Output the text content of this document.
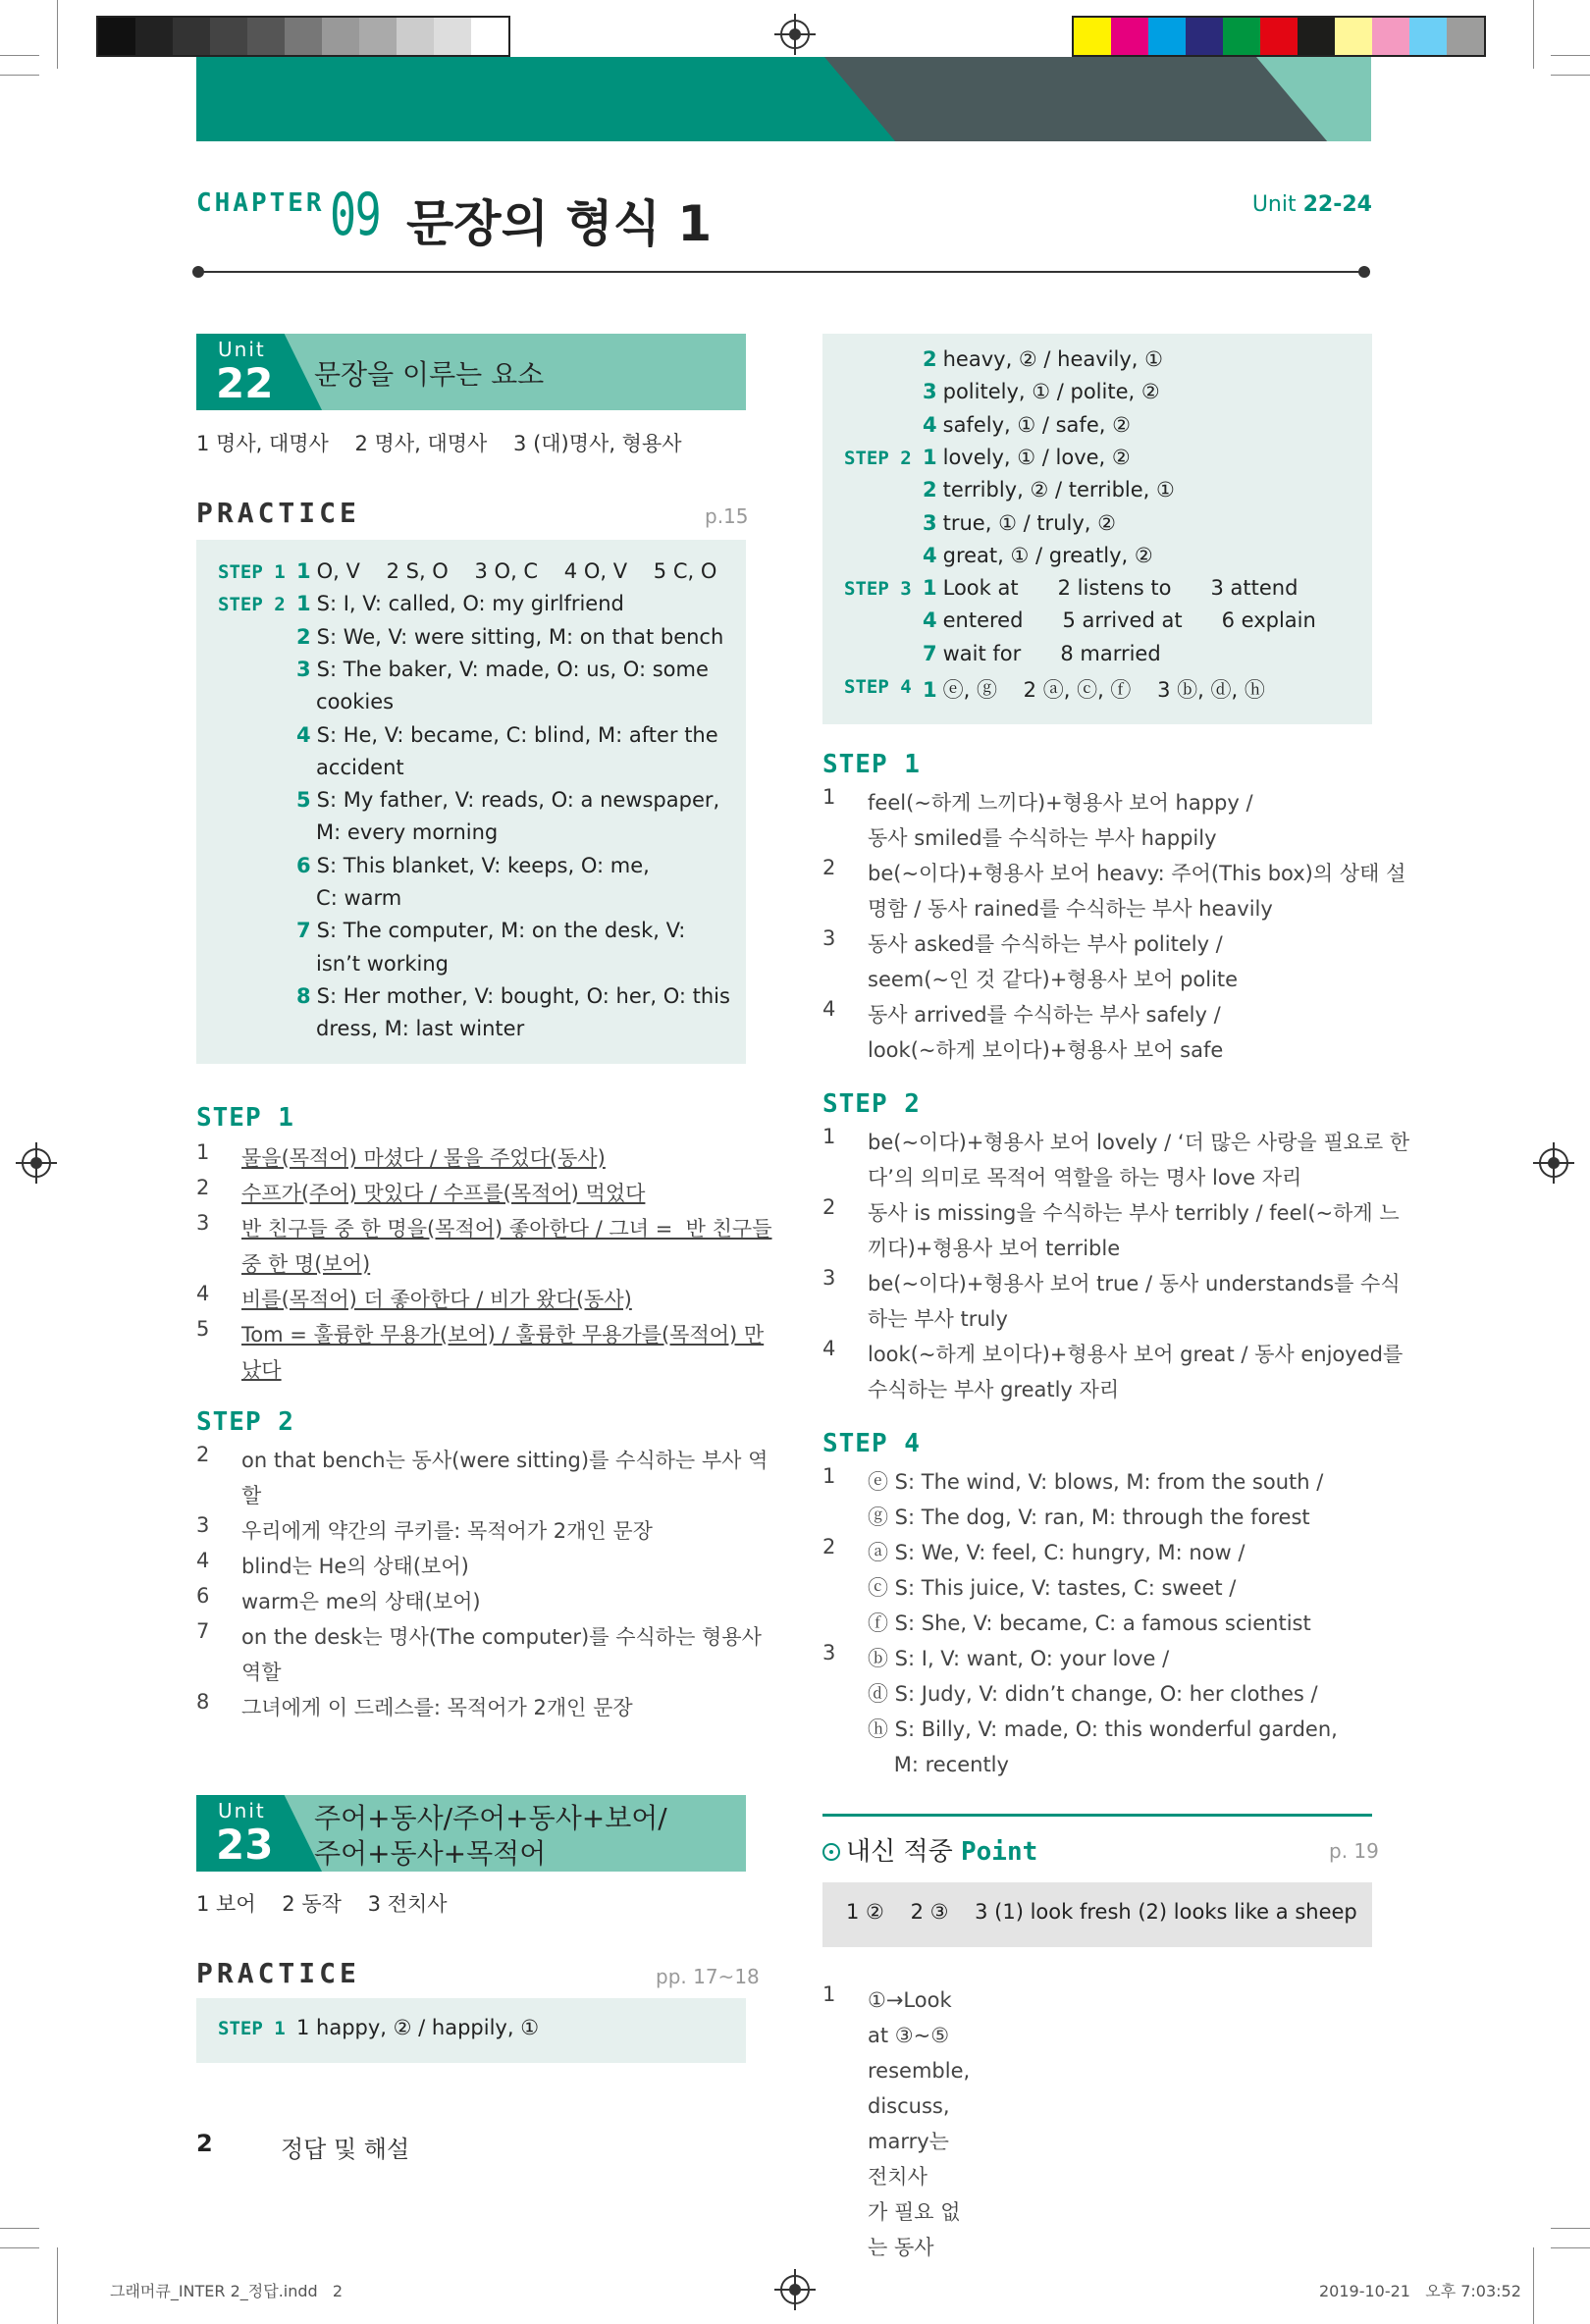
CHAPTER 09 문장의 형식 1	Unit 22-24
Unit
22 문장을 이루는 요소
1 명사, 대명사    2 명사, 대명사    3 (대)명사, 형용사
PRACTICE	p.15
STEP 1 1 O, V    2 S, O    3 O, C    4 O, V    5 C, O
STEP 2 1 S: I, V: called, O: my girlfriend
2 S: We, V: were sitting, M: on that bench
3 S: The baker, V: made, O: us, O: some
cookies
4 S: He, V: became, C: blind, M: after the
accident
5 S: My father, V: reads, O: a newspaper,
M: every morning
6 S: This blanket, V: keeps, O: me,
C: warm
7 S: The computer, M: on the desk, V:
isn’t working
8 S: Her mother, V: bought, O: her, O: this
dress, M: last winter
STEP 1
1 물을(목적어) 마셨다 / 물을 주었다(동사)
2 수프가(주어) 맛있다 / 수프를(목적어) 먹었다
3 반 친구들 중 한 명을(목적어) 좋아한다 / 그녀 =  반 친구들
중 한 명(보어)
4 비를(목적어) 더 좋아한다 / 비가 왔다(동사)
5 Tom = 훌륭한 무용가(보어) / 훌륭한 무용가를(목적어) 만
났다
STEP 2
2 on that bench는 동사(were sitting)를 수식하는 부사 역
할
3 우리에게 약간의 쿠키를: 목적어가 2개인 문장
4 blind는 He의 상태(보어)
6 warm은 me의 상태(보어)
7 on the desk는 명사(The computer)를 수식하는 형용사
역할
8 그녀에게 이 드레스를: 목적어가 2개인 문장
Unit
23
주어+동사/주어+동사+보어/
주어+동사+목적어
1 보어    2 동작    3 전치사
PRACTICE	pp. 17~18
STEP 1 1 happy, ② / happily, ①
2 heavy, ② / heavily, ①
3 politely, ① / polite, ②
4 safely, ① / safe, ②
STEP 2 1 lovely, ① / love, ②
2 terribly, ② / terrible, ①
3 true, ① / truly, ②
4 great, ① / greatly, ②
STEP 3 1 Look at      2 listens to      3 attend
4 entered      5 arrived at      6 explain
7 wait for      8 married
STEP 4 1 ⓔ, ⓖ    2 ⓐ, ⓒ, ⓕ    3 ⓑ, ⓓ, ⓗ
STEP 1
1 feel(~하게 느끼다)+형용사 보어 happy /
동사 smiled를 수식하는 부사 happily
2 be(~이다)+형용사 보어 heavy: 주어(This box)의 상태 설
명함 / 동사 rained를 수식하는 부사 heavily
3 동사 asked를 수식하는 부사 politely /
seem(~인 것 같다)+형용사 보어 polite
4 동사 arrived를 수식하는 부사 safely /
look(~하게 보이다)+형용사 보어 safe
STEP 2
1 be(~이다)+형용사 보어 lovely / ‘더 많은 사랑을 필요로 한
다’의 의미로 목적어 역할을 하는 명사 love 자리
2 동사 is missing을 수식하는 부사 terribly / feel(~하게 느
끼다)+형용사 보어 terrible
3 be(~이다)+형용사 보어 true / 동사 understands를 수식
하는 부사 truly
4 look(~하게 보이다)+형용사 보어 great / 동사 enjoyed를
수식하는 부사 greatly 자리
STEP 4
1 ⓔ S: The wind, V: blows, M: from the south /
ⓖ S: The dog, V: ran, M: through the forest
2 ⓐ S: We, V: feel, C: hungry, M: now /
ⓒ S: This juice, V: tastes, C: sweet /
ⓕ S: She, V: became, C: a famous scientist
3 ⓑ S: I, V: want, O: your love /
ⓓ S: Judy, V: didn’t change, O: her clothes /
ⓗ S: Billy, V: made, O: this wonderful garden,
M: recently
내신 적중 Point	p. 19
1 ②    2 ③    3 (1) look fresh (2) looks like a sheep
1 ①→Look at ③~⑤ resemble, discuss, marry는 전치사
가 필요 없는 동사
2	정답 및 해설
그래머큐_INTER 2_정답.indd   2	2019-10-21   오후 7:03:52
